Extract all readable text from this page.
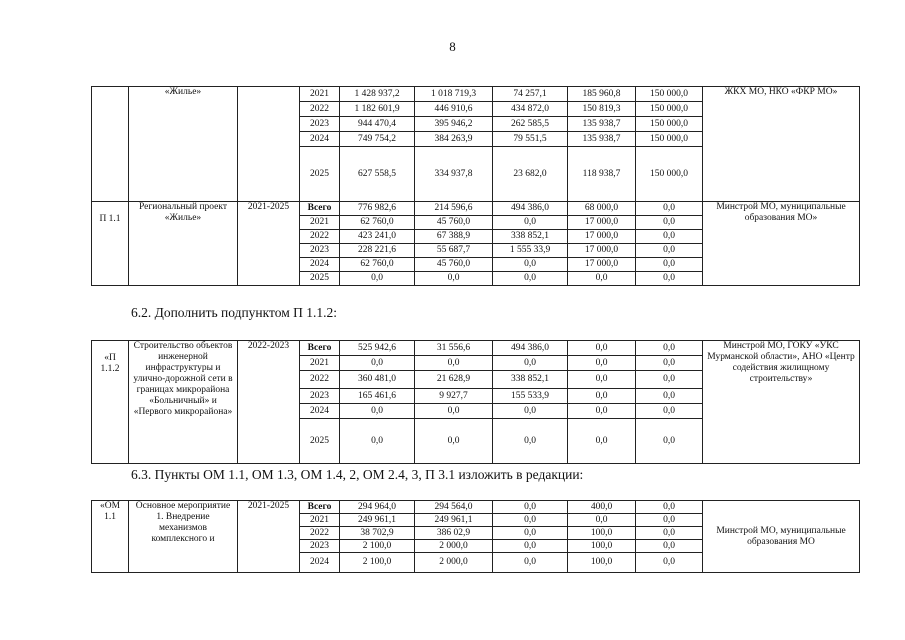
8
	«Жилье»		2021	1 428 937,2	1 018 719,3	74 257,1	185 960,8	150 000,0	ЖКХ МО, НКО «ФКР МО»
			2022	1 182 601,9	446 910,6	434 872,0	150 819,3	150 000,0	
			2023	944 470,4	395 946,2	262 585,5	135 938,7	150 000,0	
			2024	749 754,2	384 263,9	79 551,5	135 938,7	150 000,0	
			2025	627 558,5	334 937,8	23 682,0	118 938,7	150 000,0	
П 1.1	Региональный проект «Жилье»	2021-2025	Всего	776 982,6	214 596,6	494 386,0	68 000,0	0,0	Минстрой МО, муниципальные образования МО»
			2021	62 760,0	45 760,0	0,0	17 000,0	0,0	
			2022	423 241,0	67 388,9	338 852,1	17 000,0	0,0	
			2023	228 221,6	55 687,7	1 555 33,9	17 000,0	0,0	
			2024	62 760,0	45 760,0	0,0	17 000,0	0,0	
			2025	0,0	0,0	0,0	0,0	0,0	
6.2. Дополнить подпунктом П 1.1.2:
«П 1.1.2	Строительство объектов инженерной инфраструктуры и улично-дорожной сети в границах микрорайона «Больничный» и «Первого микрорайона»	2022-2023	Всего	525 942,6	31 556,6	494 386,0	0,0	0,0	Минстрой МО, ГОКУ «УКС Мурманской области», АНО «Центр содействия жилищному строительству»
			2021	0,0	0,0	0,0	0,0	0,0	
			2022	360 481,0	21 628,9	338 852,1	0,0	0,0	
			2023	165 461,6	9 927,7	155 533,9	0,0	0,0	
			2024	0,0	0,0	0,0	0,0	0,0	
			2025	0,0	0,0	0,0	0,0	0,0	
6.3. Пункты ОМ 1.1, ОМ 1.3, ОМ 1.4, 2, ОМ 2.4, 3, П 3.1 изложить в редакции:
«ОМ 1.1	Основное мероприятие 1. Внедрение механизмов комплексного и	2021-2025	Всего	294 964,0	294 564,0	0,0	400,0	0,0	Минстрой МО, муниципальные образования МО
			2021	249 961,1	249 961,1	0,0	0,0	0,0	
			2022	38 702,9	386 02,9	0,0	100,0	0,0	
			2023	2 100,0	2 000,0	0,0	100,0	0,0	
			2024	2 100,0	2 000,0	0,0	100,0	0,0	
